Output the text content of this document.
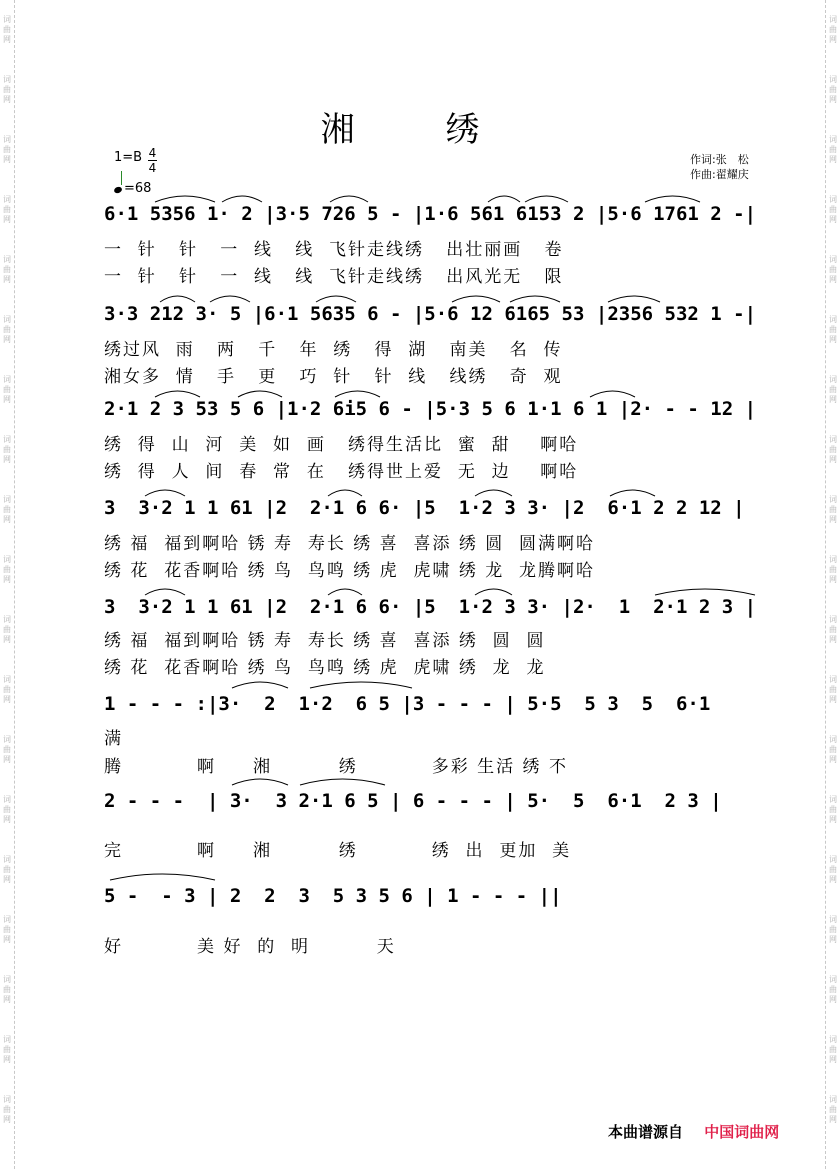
词
曲
网
词
曲
网
词
曲
网
词
曲
网
词
曲
网
词
曲
网
词
曲
网
词
曲
网
词
曲
网
词
曲
网
词
曲
网
词
曲
网
词
曲
网
词
曲
网
词
曲
网
词
曲
网
词
曲
网
词
曲
网
词
曲
网
词
曲
网
词
曲
网
词
曲
网
词
曲
网
词
曲
网
词
曲
网
词
曲
网
词
曲
网
词
曲
网
词
曲
网
词
曲
网
词
曲
网
词
曲
网
词
曲
网
词
曲
网
词
曲
网
词
曲
网
词
曲
网
词
曲
网
湘 绣
1=B 4
4
=68
作词:张　松
作曲:翟耀庆
6·1 5356 1· 2 |3·5 726 5 - |1·6 561 6153 2 |5·6 1761 2 -|
一  针   针   一  线   线  飞针走线绣   出壮丽画   卷
一  针   针   一  线   线  飞针走线绣   出风光无   限
3·3 212 3· 5 |6·1 5635 6 - |5·6 12 6165 53 |2356 532 1 -|
绣过风  雨   两   千   年  绣   得  湖   南美   名  传
湘女多  情   手   更   巧  针   针  线   线绣   奇  观
2·1 2 3 53 5 6 |1·2 6i5 6 - |5·3 5 6 1·1 6 1 |2· - - 12 |
绣  得  山  河  美  如  画   绣得生活比  蜜  甜    啊哈
绣  得  人  间  春  常  在   绣得世上爱  无  边    啊哈
3  3·2 1 1 61 |2  2·1 6 6· |5  1·2 3 3· |2  6·1 2 2 12 |
绣 福  福到啊哈 锈 寿  寿长 绣 喜  喜添 绣 圆  圆满啊哈
绣 花  花香啊哈 绣 鸟  鸟鸣 绣 虎  虎啸 绣 龙  龙腾啊哈
3  3·2 1 1 61 |2  2·1 6 6· |5  1·2 3 3· |2·  1  2·1 2 3 |
绣 福  福到啊哈 锈 寿  寿长 绣 喜  喜添 绣  圆  圆
绣 花  花香啊哈 绣 鸟  鸟鸣 绣 虎  虎啸 绣  龙  龙
1 - - - :|3·  2  1·2  6 5 |3 - - - | 5·5  5 3  5  6·1
满
腾          啊     湘         绣          多彩 生活 绣 不
2 - - -  | 3·  3 2·1 6 5 | 6 - - - | 5·  5  6·1  2 3 |
完          啊     湘         绣          绣  出  更加  美
5 -  - 3 | 2  2  3  5 3 5 6 | 1 - - - ||
好          美 好  的  明         天
本曲谱源自 中国词曲网
